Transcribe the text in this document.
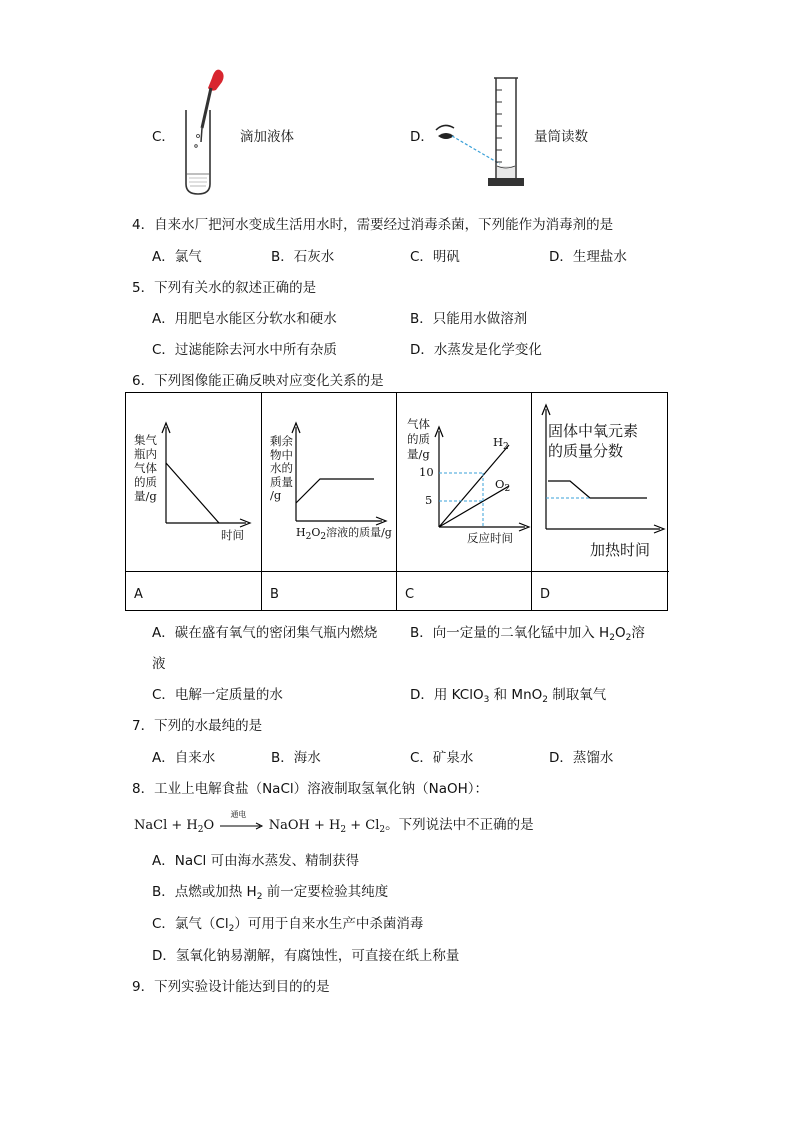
C．	滴加液体	D．	量筒读数
4．自来水厂把河水变成生活用水时，需要经过消毒杀菌，下列能作为消毒剂的是
A．氯气	B．石灰水	C．明矾	D．生理盐水
5．下列有关水的叙述正确的是
A．用肥皂水能区分软水和硬水	B．只能用水做溶剂
C．过滤能除去河水中所有杂质	D．水蒸发是化学变化
6．下列图像能正确反映对应变化关系的是
集气
瓶内
气体
的质
量/g
时间
剩余
物中
水的
质量
/g
$H_2O_2$溶液的质量/g
气体
的质
量/g
10
5
$H_2$
$O_2$
反应时间
固体中氧元素
的质量分数
加热时间
A	B	C	D
A．碳在盛有氧气的密闭集气瓶内燃烧 B．向一定量的二氧化锰中加入 $H_2O_2$溶
液
C．电解一定质量的水	D．用 KClO$_3$ 和 MnO$_2$ 制取氧气
7．下列的水最纯的是
A．自来水	B．海水	C．矿泉水	D．蒸馏水
8．工业上电解食盐（NaCl）溶液制取氢氧化钠（NaOH）：
NaCl + $H_2O$
通电
NaOH + $H_2 + Cl_2$。下列说法中不正确的是
A．NaCl 可由海水蒸发、精制获得
B．点燃或加热 $H_2$ 前一定要检验其纯度
C．氯气$(Cl_2)$可用于自来水生产中杀菌消毒
D．氢氧化钠易潮解，有腐蚀性，可直接在纸上称量
9．下列实验设计能达到目的的是
